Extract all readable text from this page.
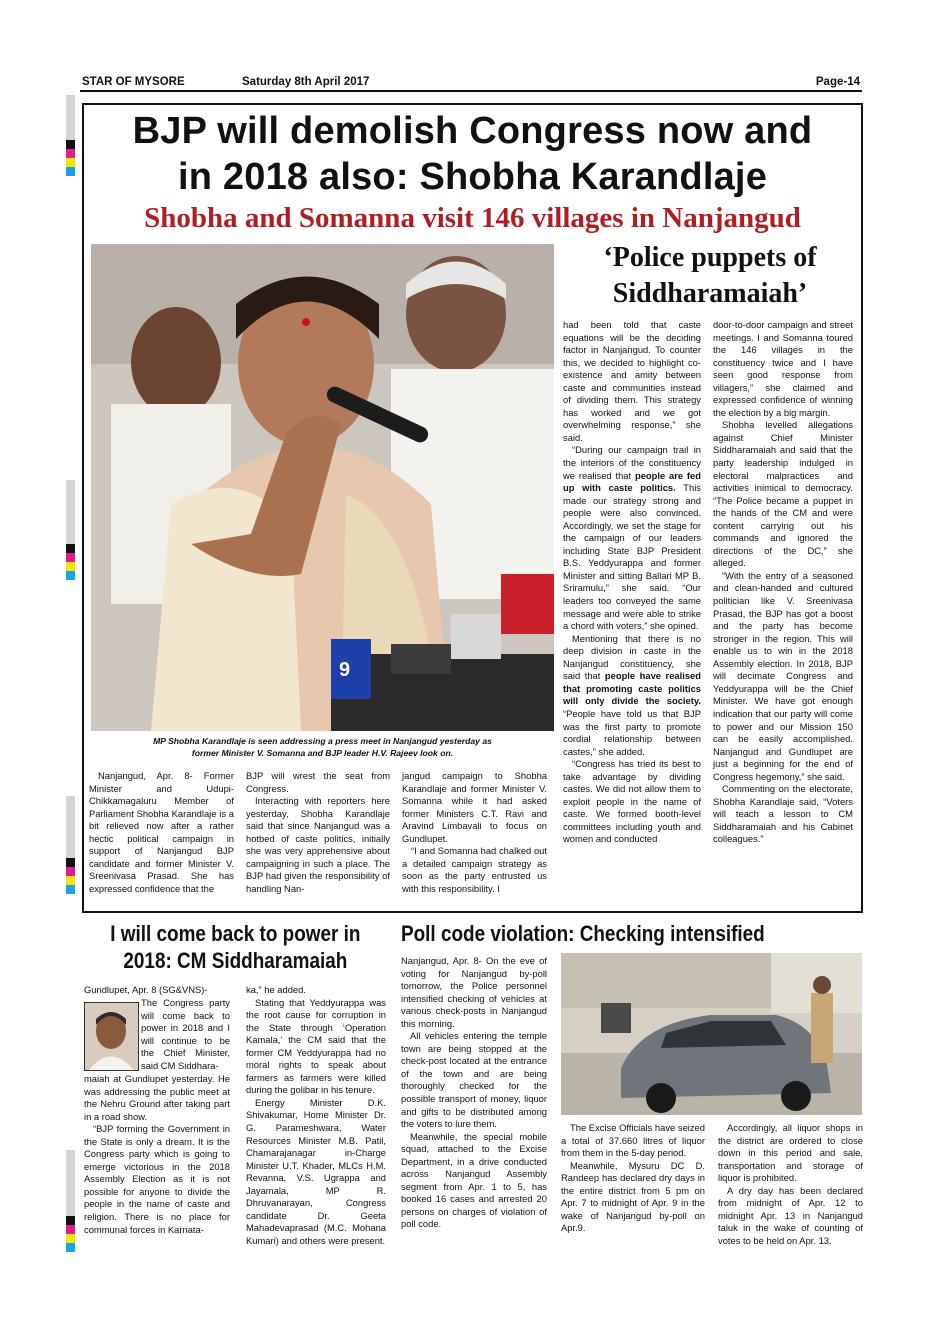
STAR OF MYSORE	Saturday 8th April 2017	Page-14
BJP will demolish Congress now and
in 2018 also: Shobha Karandlaje
Shobha and Somanna visit 146 villages in Nanjangud
‘Police puppets of
Siddharamaiah’
9
MP Shobha Karandlaje is seen addressing a press meet in Nanjangud yesterday as
former Minister V. Somanna and BJP leader H.V. Rajeev look on.

Nanjangud, Apr. 8- Former Minister and Udupi-Chikkamagaluru Member of Parliament Shobha Karandlaje is a bit relieved now after a rather hectic political campaign in support of Nanjangud BJP candidate and former Minister V. Sreenivasa Prasad. She has expressed confidence that the

BJP will wrest the seat from Congress.

Interacting with reporters here yesterday, Shobha Karandlaje said that since Nanjangud was a hotbed of caste politics, initially she was very apprehensive about campaigning in such a place. The BJP had given the responsibility of handling Nan-

jangud campaign to Shobha Karandlaje and former Minister V. Somanna while it had asked former Ministers C.T. Ravi and Aravind Limbavali to focus on Gundlupet.

“I and Somanna had chalked out a detailed campaign strategy as soon as the party entrusted us with this responsibility. I

had been told that caste equations will be the deciding factor in Nanjangud. To counter this, we decided to highlight co-existence and amity between caste and communities instead of dividing them. This strategy has worked and we got overwhelming response,” she said.

“During our campaign trail in the interiors of the constituency we realised that people are fed up with caste politics. This made our strategy strong and people were also convinced. Accordingly, we set the stage for the campaign of our leaders including State BJP President B.S. Yeddyurappa and former Minister and sitting Ballari MP B. Sriramulu,” she said. “Our leaders too conveyed the same message and were able to strike a chord with voters,” she opined.

Mentioning that there is no deep division in caste in the Nanjangud constituency, she said that people have realised that promoting caste politics will only divide the society. “People have told us that BJP was the first party to promote cordial relationship between castes,” she added.

“Congress has tried its best to take advantage by dividing castes. We did not allow them to exploit people in the name of caste. We formed booth-level committees including youth and women and conducted

door-to-door campaign and street meetings. I and Somanna toured the 146 villages in the constituency twice and I have seen good response from villagers,” she claimed and expressed confidence of winning the election by a big margin.

Shobha levelled allegations against Chief Minister Siddharamaiah and said that the party leadership indulged in electoral malpractices and activities inimical to democracy. “The Police became a puppet in the hands of the CM and were content carrying out his commands and ignored the directions of the DC,” she alleged.

“With the entry of a seasoned and clean-handed and cultured politician like V. Sreenivasa Prasad, the BJP has got a boost and the party has become stronger in the region. This will enable us to win in the 2018 Assembly election. In 2018, BJP will decimate Congress and Yeddyurappa will be the Chief Minister. We have got enough indication that our party will come to power and our Mission 150 can be easily accomplished. Nanjangud and Gundlupet are just a beginning for the end of Congress hegemony,” she said.

Commenting on the electorate, Shobha Karandlaje said, “Voters will teach a lesson to CM Siddharamaiah and his Cabinet colleagues.”

I will come back to power in
2018: CM Siddharamaiah

Gundlupet, Apr. 8 (SG&VNS)-

The Congress party will come back to power in 2018 and I will continue to be the Chief Minister, said CM Siddhara-

maiah at Gundlupet yesterday. He was addressing the public meet at the Nehru Ground after taking part in a road show.

“BJP forming the Government in the State is only a dream. It is the Congress party which is going to emerge victorious in the 2018 Assembly Election as it is not possible for anyone to divide the people in the name of caste and religion. There is no place for communal forces in Karnata-

ka,” he added.

Stating that Yeddyurappa was the root cause for corruption in the State through ‘Operation Kamala,’ the CM said that the former CM Yeddyurappa had no moral rights to speak about farmers as farmers were killed during the golibar in his tenure.

Energy Minister D.K. Shivakumar, Home Minister Dr. G. Parameshwara, Water Resources Minister M.B. Patil, Chamarajanagar in-Charge Minister U.T. Khader, MLCs H.M. Revanna, V.S. Ugrappa and Jayamala, MP R. Dhruvanarayan, Congress candidate Dr. Geeta Mahadevaprasad (M.C. Mohana Kumari) and others were present.

Poll code violation: Checking intensified

Nanjangud, Apr. 8- On the eve of voting for Nanjangud by-poll tomorrow, the Police personnel intensified checking of vehicles at various check-posts in Nanjangud this morning.

All vehicles entering the temple town are being stopped at the check-post located at the entrance of the town and are being thoroughly checked for the possible transport of money, liquor and gifts to be distributed among the voters to lure them.

Meanwhile, the special mobile squad, attached to the Excise Department, in a drive conducted across Nanjangud Assembly segment from Apr. 1 to 5, has booked 16 cases and arrested 20 persons on charges of violation of poll code.

The Excise Officials have seized a total of 37.660 litres of liquor from them in the 5-day period.

Meanwhile, Mysuru DC D. Randeep has declared dry days in the entire district from 5 pm on Apr. 7 to midnight of Apr. 9 in the wake of Nanjangud by-poll on Apr.9.

Accordingly, all liquor shops in the district are ordered to close down in this period and sale, transportation and storage of liquor is prohibited.

A dry day has been declared from midnight of Apr. 12 to midnight Apr. 13 in Nanjangud taluk in the wake of counting of votes to be held on Apr. 13.
